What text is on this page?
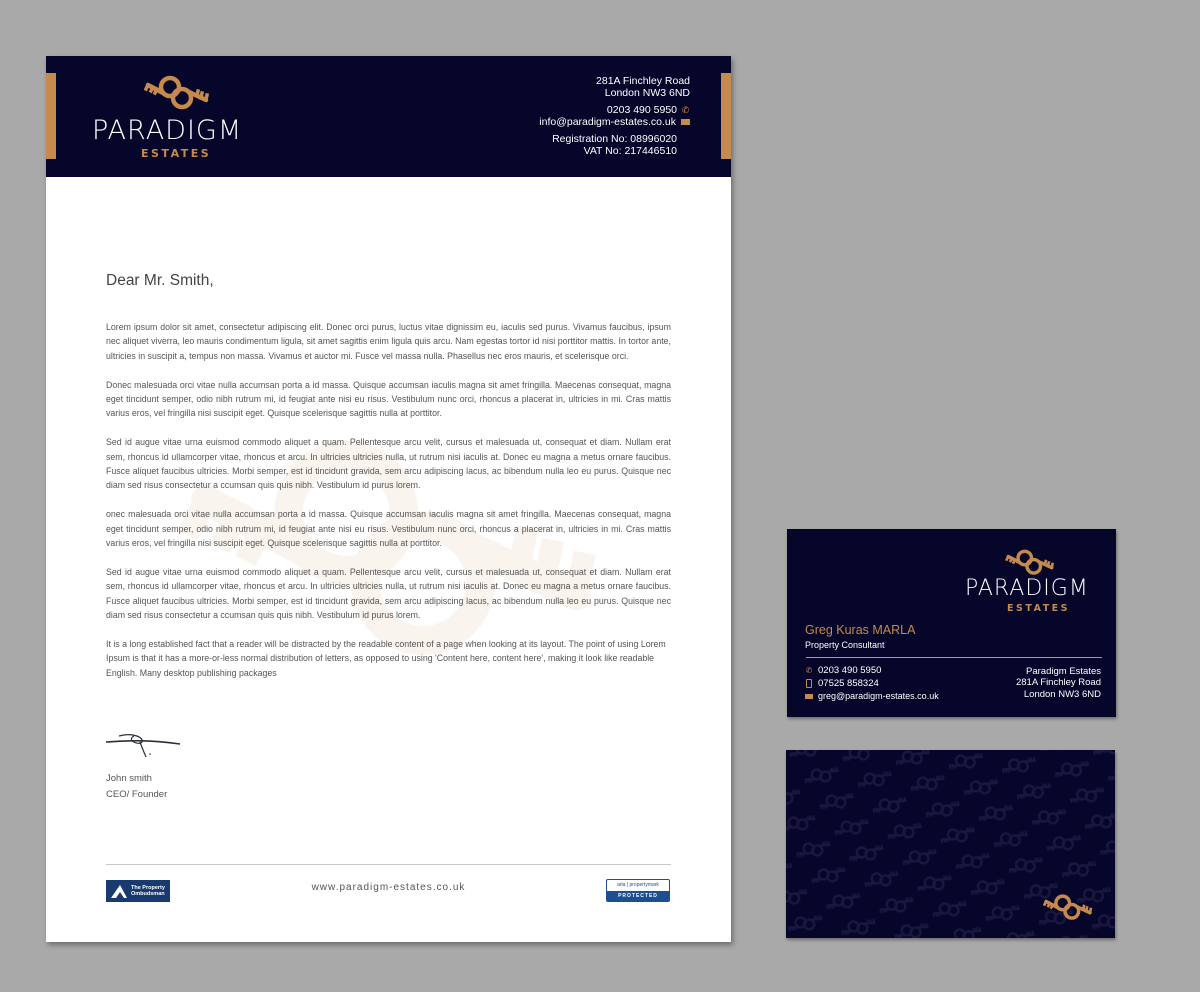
PARADIGM
ESTATES
281A Finchley Road
London NW3 6ND
0203 490 5950 ✆
info@paradigm-estates.co.uk
Registration No: 08996020
VAT No: 217446510
Dear Mr. Smith,

Lorem ipsum dolor sit amet, consectetur adipiscing elit. Donec orci purus, luctus vitae dignissim eu, iaculis sed purus. Vivamus faucibus, ipsum nec aliquet viverra, leo mauris condimentum ligula, sit amet sagittis enim ligula quis arcu. Nam egestas tortor id nisi porttitor mattis. In tortor ante, ultricies in suscipit a, tempus non massa. Vivamus et auctor mi. Fusce vel massa nulla. Phasellus nec eros mauris, et scelerisque orci.

Donec malesuada orci vitae nulla accumsan porta a id massa. Quisque accumsan iaculis magna sit amet fringilla. Maecenas consequat, magna eget tincidunt semper, odio nibh rutrum mi, id feugiat ante nisi eu risus. Vestibulum nunc orci, rhoncus a placerat in, ultricies in mi. Cras mattis varius eros, vel fringilla nisi suscipit eget. Quisque scelerisque sagittis nulla at porttitor.

Sed id augue vitae urna euismod commodo aliquet a quam. Pellentesque arcu velit, cursus et malesuada ut, consequat et diam. Nullam erat sem, rhoncus id ullamcorper vitae, rhoncus et arcu. In ultricies ultricies nulla, ut rutrum nisi iaculis at. Donec eu magna a metus ornare faucibus. Fusce aliquet faucibus ultricies. Morbi semper, est id tincidunt gravida, sem arcu adipiscing lacus, ac bibendum nulla leo eu purus. Quisque nec diam sed risus consectetur a ccumsan quis quis nibh. Vestibulum id purus lorem.

onec malesuada orci vitae nulla accumsan porta a id massa. Quisque accumsan iaculis magna sit amet fringilla. Maecenas consequat, magna eget tincidunt semper, odio nibh rutrum mi, id feugiat ante nisi eu risus. Vestibulum nunc orci, rhoncus a placerat in, ultricies in mi. Cras mattis varius eros, vel fringilla nisi suscipit eget. Quisque scelerisque sagittis nulla at porttitor.

Sed id augue vitae urna euismod commodo aliquet a quam. Pellentesque arcu velit, cursus et malesuada ut, consequat et diam. Nullam erat sem, rhoncus id ullamcorper vitae, rhoncus et arcu. In ultricies ultricies nulla, ut rutrum nisi iaculis at. Donec eu magna a metus ornare faucibus. Fusce aliquet faucibus ultricies. Morbi semper, est id tincidunt gravida, sem arcu adipiscing lacus, ac bibendum nulla leo eu purus. Quisque nec diam sed risus consectetur a ccumsan quis quis nibh. Vestibulum id purus lorem.

It is a long established fact that a reader will be distracted by the readable content of a page when looking at its layout. The point of using Lorem Ipsum is that it has a more-or-less normal distribution of letters, as opposed to using 'Content here, content here', making it look like readable English. Many desktop publishing packages

John smith
CEO/ Founder
The Property
Ombudsman
www.paradigm-estates.co.uk	arla | propertymark
PROTECTED
PARADIGM
ESTATES
Greg Kuras MARLA
Property Consultant
✆ 0203 490 5950
07525 858324
greg@paradigm-estates.co.uk
Paradigm Estates
281A Finchley Road
London NW3 6ND
